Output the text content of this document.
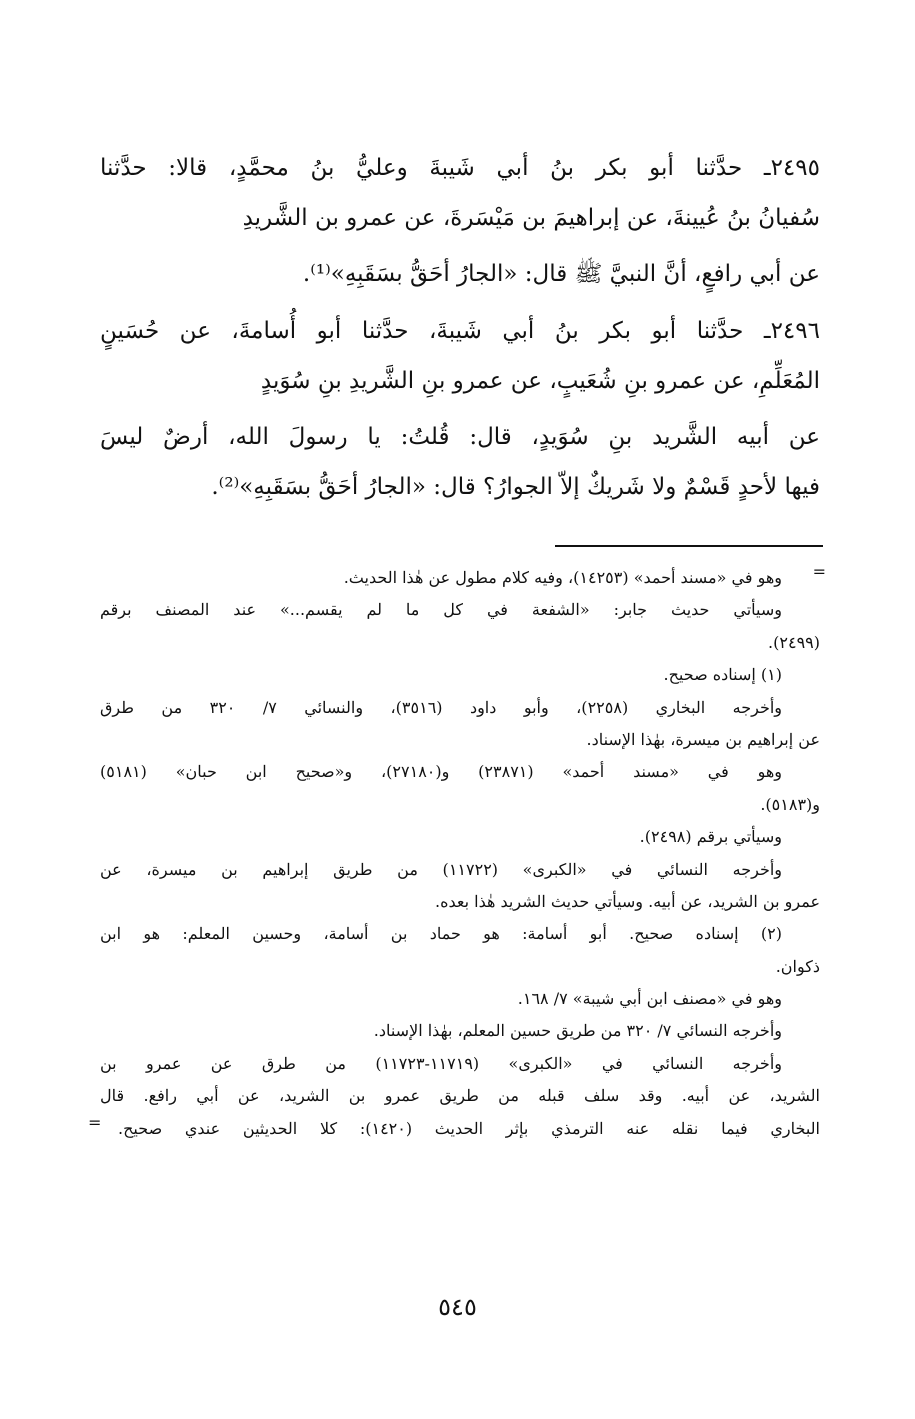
٢٤٩٥ـ حدَّثنا أبو بكر بنُ أبي شَيبةَ وعليُّ بنُ محمَّدٍ، قالا: حدَّثنا
سُفيانُ بنُ عُيينةَ، عن إبراهيمَ بن مَيْسَرةَ، عن عمرو بن الشَّريدِ
عن أبي رافعٍ، أنَّ النبيَّ ﷺ قال: «الجارُ أحَقُّ بسَقَبِهِ»⁽¹⁾.
٢٤٩٦ـ حدَّثنا أبو بكر بنُ أبي شَيبةَ، حدَّثنا أبو أُسامةَ، عن حُسَينٍ
المُعَلِّمِ، عن عمرو بنِ شُعَيبٍ، عن عمرو بنِ الشَّريدِ بنِ سُوَيدٍ
عن أبيه الشَّريد بنِ سُوَيدٍ، قال: قُلتُ: يا رسولَ الله، أرضٌ ليسَ
فيها لأحدٍ قَسْمٌ ولا شَريكٌ إلاّ الجوارُ؟ قال: «الجارُ أحَقُّ بسَقَبِهِ»⁽²⁾.
=
وهو في «مسند أحمد» (١٤٢٥٣)، وفيه كلام مطول عن هٰذا الحديث.
وسيأتي حديث جابر: «الشفعة في كل ما لم يقسم...» عند المصنف برقم
(٢٤٩٩).
(١) إسناده صحيح.
وأخرجه البخاري (٢٢٥٨)، وأبو داود (٣٥١٦)، والنسائي ٧/ ٣٢٠ من طرق
عن إبراهيم بن ميسرة، بهٰذا الإسناد.
وهو في «مسند أحمد» (٢٣٨٧١) و(٢٧١٨٠)، و«صحيح ابن حبان» (٥١٨١)
و(٥١٨٣).
وسيأتي برقم (٢٤٩٨).
وأخرجه النسائي في «الكبرى» (١١٧٢٢) من طريق إبراهيم بن ميسرة، عن
عمرو بن الشريد، عن أبيه. وسيأتي حديث الشريد هٰذا بعده.
(٢) إسناده صحيح. أبو أسامة: هو حماد بن أسامة، وحسين المعلم: هو ابن
ذكوان.
وهو في «مصنف ابن أبي شيبة» ٧/ ١٦٨.
وأخرجه النسائي ٧/ ٣٢٠ من طريق حسين المعلم، بهٰذا الإسناد.
وأخرجه النسائي في «الكبرى» (١١٧١٩-١١٧٢٣) من طرق عن عمرو بن
الشريد، عن أبيه. وقد سلف قبله من طريق عمرو بن الشريد، عن أبي رافع. قال
البخاري فيما نقله عنه الترمذي بإثر الحديث (١٤٢٠): كلا الحديثين عندي صحيح.
=
٥٤٥
